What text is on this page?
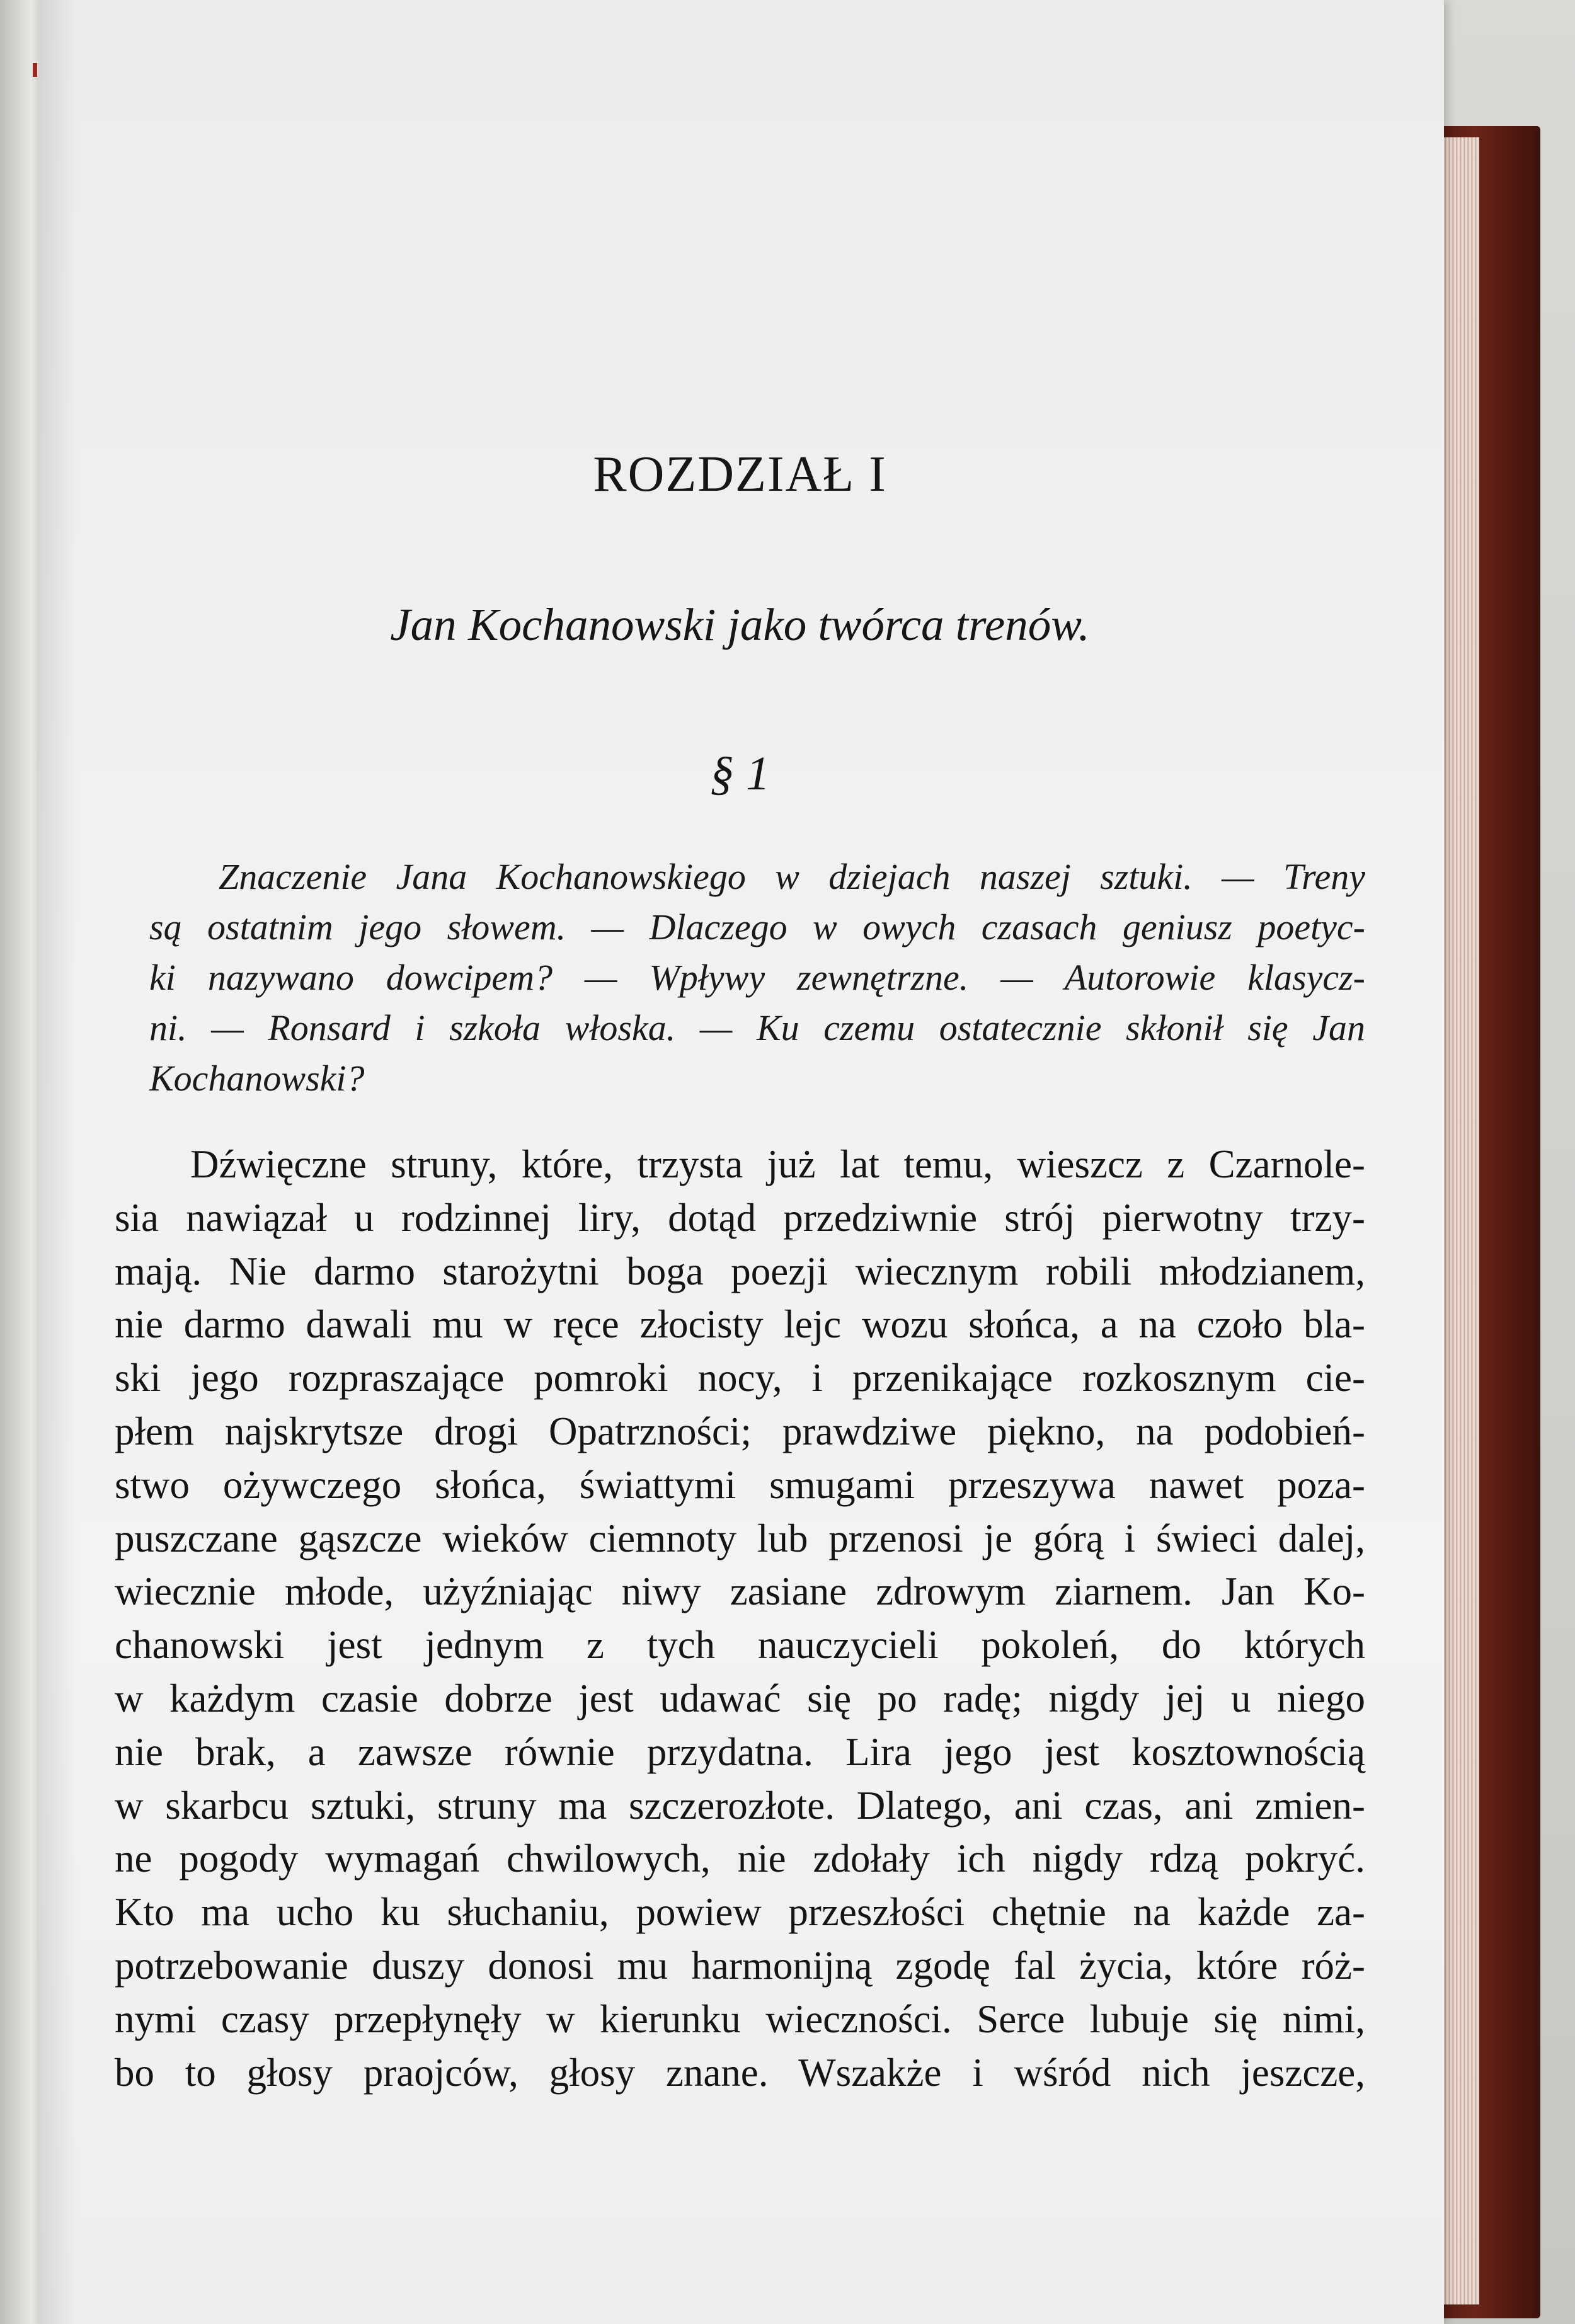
ROZDZIAŁ I
Jan Kochanowski jako twórca trenów.
§ 1
Znaczenie Jana Kochanowskiego w dziejach naszej sztuki. — Treny
są ostatnim jego słowem. — Dlaczego w owych czasach geniusz poetyc-
ki nazywano dowcipem? — Wpływy zewnętrzne. — Autorowie klasycz-
ni. — Ronsard i szkoła włoska. — Ku czemu ostatecznie skłonił się Jan
Kochanowski?
Dźwięczne struny, które, trzysta już lat temu, wieszcz z Czarnole-
sia nawiązał u rodzinnej liry, dotąd przedziwnie strój pierwotny trzy-
mają. Nie darmo starożytni boga poezji wiecznym robili młodzianem,
nie darmo dawali mu w ręce złocisty lejc wozu słońca, a na czoło bla-
ski jego rozpraszające pomroki nocy, i przenikające rozkosznym cie-
płem najskrytsze drogi Opatrzności; prawdziwe piękno, na podobień-
stwo ożywczego słońca, świattymi smugami przeszywa nawet poza-
puszczane gąszcze wieków ciemnoty lub przenosi je górą i świeci dalej,
wiecznie młode, użyźniając niwy zasiane zdrowym ziarnem. Jan Ko-
chanowski jest jednym z tych nauczycieli pokoleń, do których
w każdym czasie dobrze jest udawać się po radę; nigdy jej u niego
nie brak, a zawsze równie przydatna. Lira jego jest kosztownością
w skarbcu sztuki, struny ma szczerozłote. Dlatego, ani czas, ani zmien-
ne pogody wymagań chwilowych, nie zdołały ich nigdy rdzą pokryć.
Kto ma ucho ku słuchaniu, powiew przeszłości chętnie na każde za-
potrzebowanie duszy donosi mu harmonijną zgodę fal życia, które róż-
nymi czasy przepłynęły w kierunku wieczności. Serce lubuje się nimi,
bo to głosy praojców, głosy znane. Wszakże i wśród nich jeszcze,
